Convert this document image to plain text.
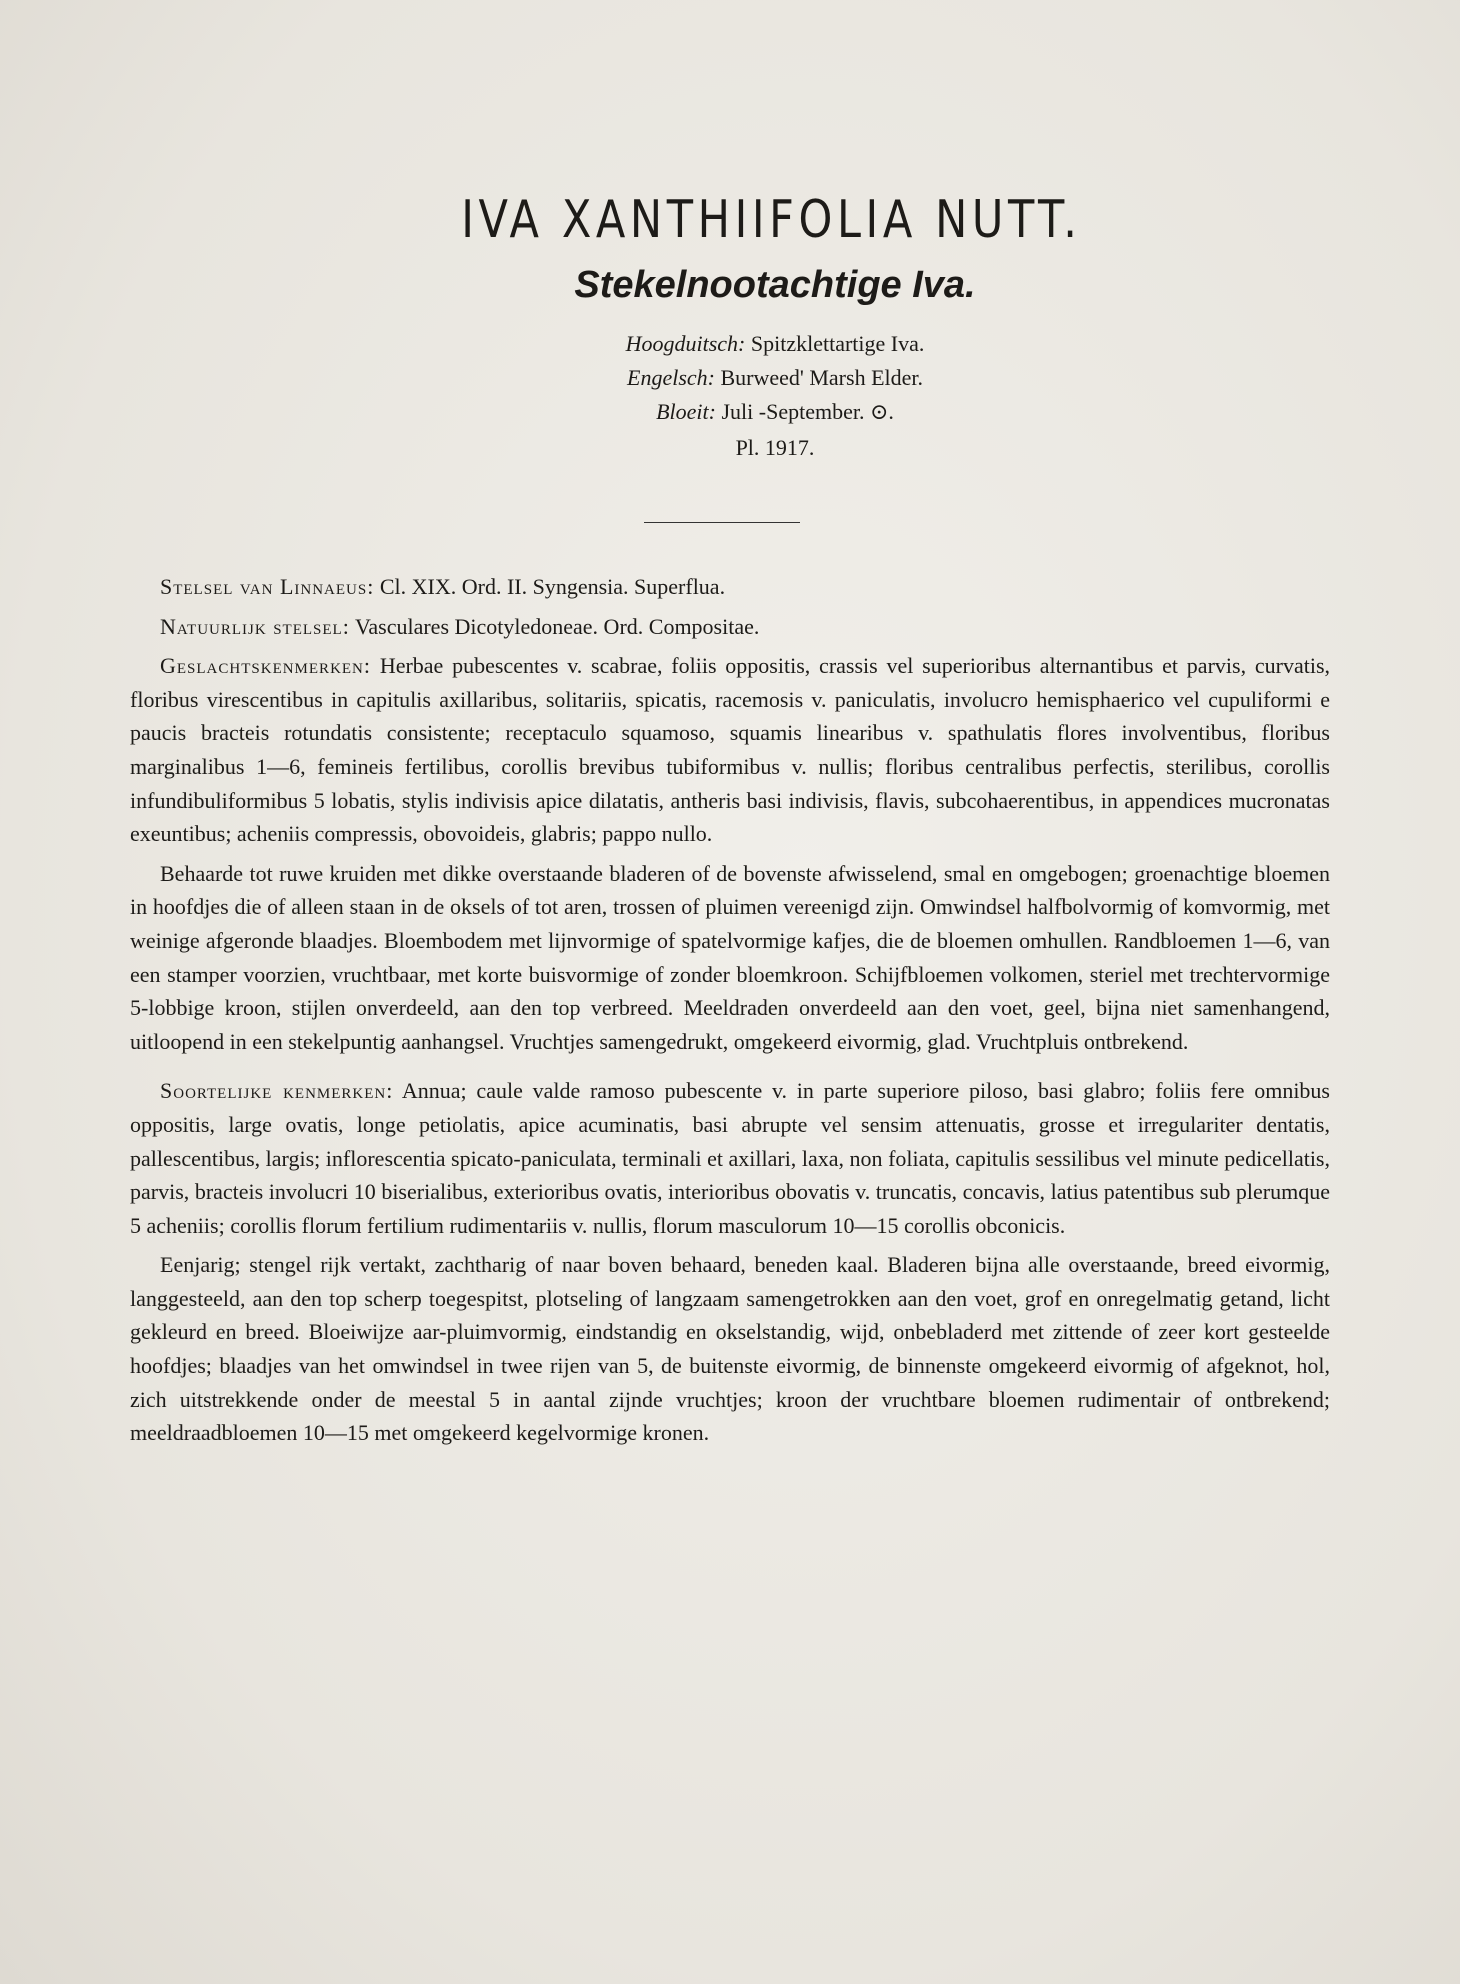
IVA XANTHIIFOLIA NUTT.
Stekelnootachtige Iva.
Hoogduitsch: Spitzklettartige Iva.
Engelsch: Burweed' Marsh Elder.
Bloeit: Juli -September. ⊙.
Pl. 1917.

Stelsel van Linnaeus: Cl. XIX. Ord. II. Syngensia. Superflua.

Natuurlijk stelsel: Vasculares Dicotyledoneae. Ord. Compositae.

Geslachtskenmerken: Herbae pubescentes v. scabrae, foliis oppositis, crassis vel superioribus alternantibus et parvis, curvatis, floribus virescentibus in capitulis axillaribus, solitariis, spicatis, racemosis v. paniculatis, involucro hemisphaerico vel cupuliformi e paucis bracteis rotundatis consistente; receptaculo squamoso, squamis linearibus v. spathulatis flores involventibus, floribus marginalibus 1—6, femineis fertilibus, corollis brevibus tubiformibus v. nullis; floribus centralibus perfectis, sterilibus, corollis infundibuliformibus 5 lobatis, stylis indivisis apice dilatatis, antheris basi indivisis, flavis, subcohaerentibus, in appendices mucronatas exeuntibus; acheniis compressis, obovoideis, glabris; pappo nullo.

Behaarde tot ruwe kruiden met dikke overstaande bladeren of de bovenste afwisselend, smal en omgebogen; groenachtige bloemen in hoofdjes die of alleen staan in de oksels of tot aren, trossen of pluimen vereenigd zijn. Omwindsel halfbolvormig of komvormig, met weinige afgeronde blaadjes. Bloembodem met lijnvormige of spatelvormige kafjes, die de bloemen omhullen. Randbloemen 1—6, van een stamper voorzien, vruchtbaar, met korte buisvormige of zonder bloemkroon. Schijfbloemen volkomen, steriel met trechtervormige 5-lobbige kroon, stijlen onverdeeld, aan den top verbreed. Meeldraden onverdeeld aan den voet, geel, bijna niet samenhangend, uitloopend in een stekelpuntig aanhangsel. Vruchtjes samengedrukt, omgekeerd eivormig, glad. Vruchtpluis ontbrekend.

Soortelijke kenmerken: Annua; caule valde ramoso pubescente v. in parte superiore piloso, basi glabro; foliis fere omnibus oppositis, large ovatis, longe petiolatis, apice acuminatis, basi abrupte vel sensim attenuatis, grosse et irregulariter dentatis, pallescentibus, largis; inflorescentia spicato-paniculata, terminali et axillari, laxa, non foliata, capitulis sessilibus vel minute pedicellatis, parvis, bracteis involucri 10 biserialibus, exterioribus ovatis, interioribus obovatis v. truncatis, concavis, latius patentibus sub plerumque 5 acheniis; corollis florum fertilium rudimentariis v. nullis, florum masculorum 10—15 corollis obconicis.

Eenjarig; stengel rijk vertakt, zachtharig of naar boven behaard, beneden kaal. Bladeren bijna alle overstaande, breed eivormig, langgesteeld, aan den top scherp toegespitst, plotseling of langzaam samengetrokken aan den voet, grof en onregelmatig getand, licht gekleurd en breed. Bloeiwijze aar-pluimvormig, eindstandig en okselstandig, wijd, onbebladerd met zittende of zeer kort gesteelde hoofdjes; blaadjes van het omwindsel in twee rijen van 5, de buitenste eivormig, de binnenste omgekeerd eivormig of afgeknot, hol, zich uitstrekkende onder de meestal 5 in aantal zijnde vruchtjes; kroon der vruchtbare bloemen rudimentair of ontbrekend; meeldraadbloemen 10—15 met omgekeerd kegelvormige kronen.
